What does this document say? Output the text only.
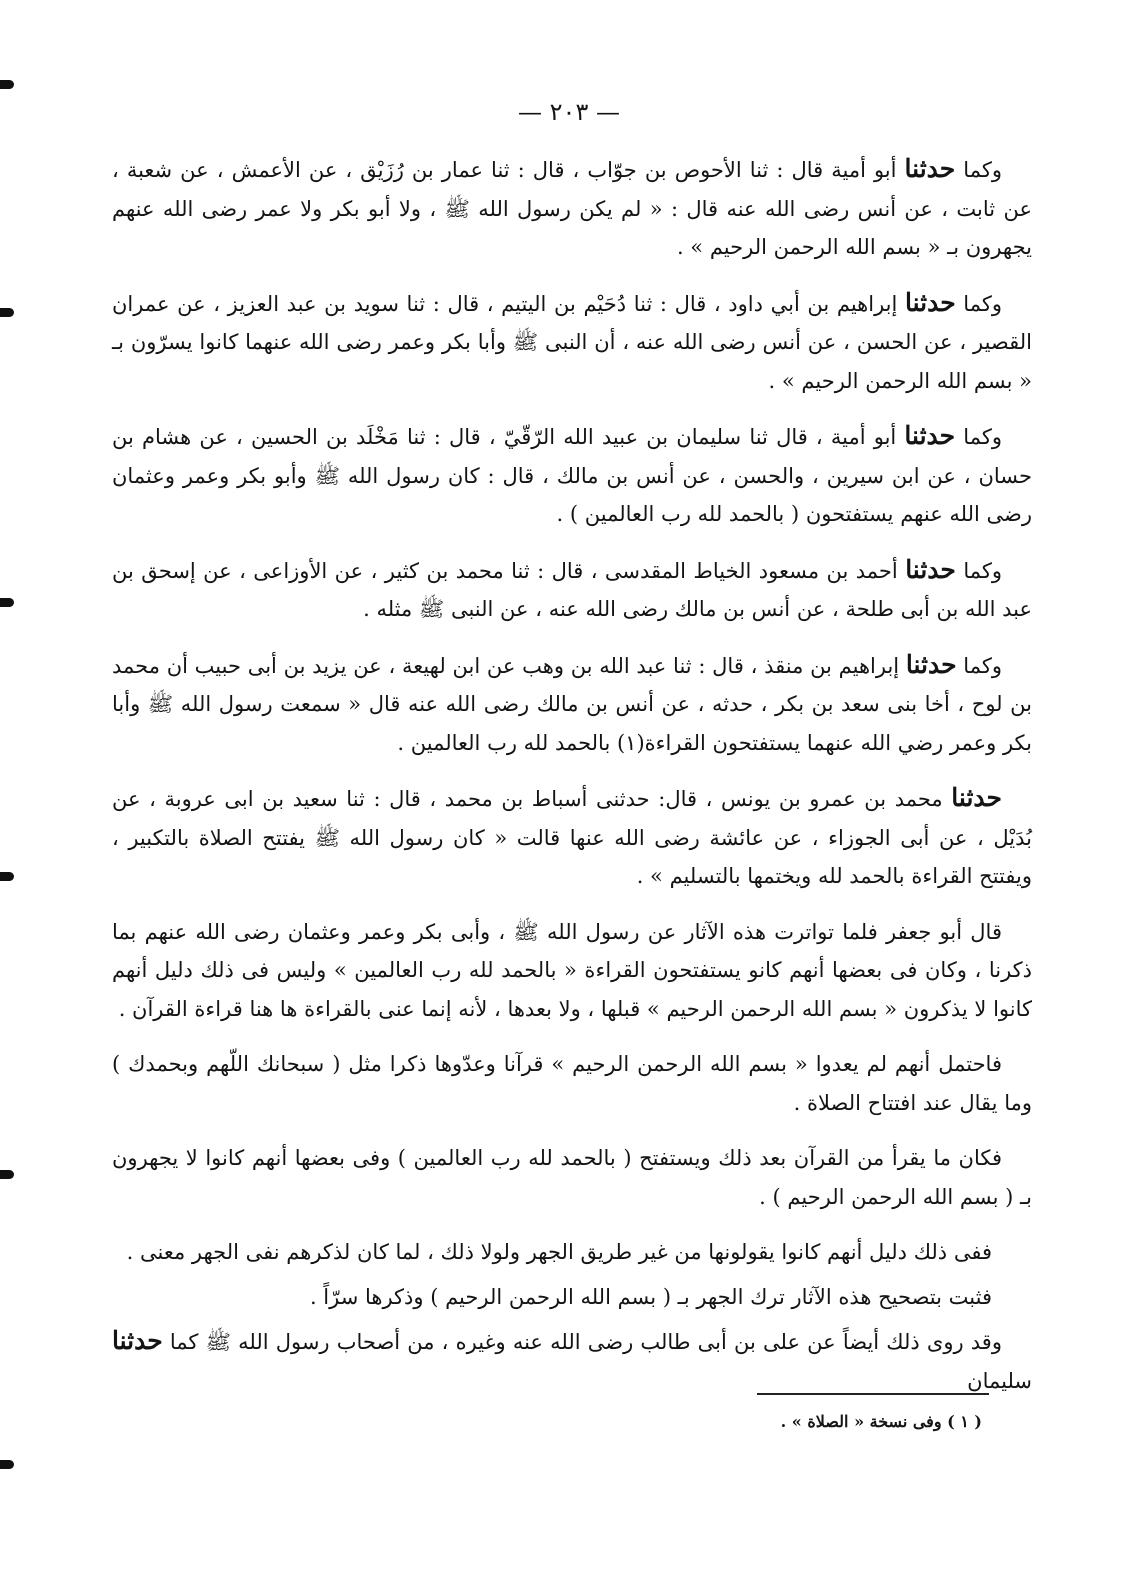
— ٢٠٣ —

وكما حدثنا أبو أمية قال : ثنا الأحوص بن جوّاب ، قال : ثنا عمار بن رُزَيْق ، عن الأعمش ، عن شعبة ، عن ثابت ، عن أنس رضى الله عنه قال : « لم يكن رسول الله ﷺ ، ولا أبو بكر ولا عمر رضى الله عنهم يجهرون بـ « بسم الله الرحمن الرحيم » .

وكما حدثنا إبراهيم بن أبي داود ، قال : ثنا دُحَيْم بن اليتيم ، قال : ثنا سويد بن عبد العزيز ، عن عمران القصير ، عن الحسن ، عن أنس رضى الله عنه ، أن النبى ﷺ وأبا بكر وعمر رضى الله عنهما كانوا يسرّون بـ « بسم الله الرحمن الرحيم » .

وكما حدثنا أبو أمية ، قال ثنا سليمان بن عبيد الله الرّقّيّ ، قال : ثنا مَخْلَد بن الحسين ، عن هشام بن حسان ، عن ابن سيرين ، والحسن ، عن أنس بن مالك ، قال : كان رسول الله ﷺ وأبو بكر وعمر وعثمان رضى الله عنهم يستفتحون ( بالحمد لله رب العالمين ) .

وكما حدثنا أحمد بن مسعود الخياط المقدسى ، قال : ثنا محمد بن كثير ، عن الأوزاعى ، عن إسحق بن عبد الله بن أبى طلحة ، عن أنس بن مالك رضى الله عنه ، عن النبى ﷺ مثله .

وكما حدثنا إبراهيم بن منقذ ، قال : ثنا عبد الله بن وهب عن ابن لهيعة ، عن يزيد بن أبى حبيب أن محمد بن لوح ، أخا بنى سعد بن بكر ، حدثه ، عن أنس بن مالك رضى الله عنه قال « سمعت رسول الله ﷺ وأبا بكر وعمر رضي الله عنهما يستفتحون القراءة(١) بالحمد لله رب العالمين .

حدثنا محمد بن عمرو بن يونس ، قال: حدثنى أسباط بن محمد ، قال : ثنا سعيد بن ابى عروبة ، عن بُدَيْل ، عن أبى الجوزاء ، عن عائشة رضى الله عنها قالت « كان رسول الله ﷺ يفتتح الصلاة بالتكبير ، ويفتتح القراءة بالحمد لله ويختمها بالتسليم » .

قال أبو جعفر فلما تواترت هذه الآثار عن رسول الله ﷺ ، وأبى بكر وعمر وعثمان رضى الله عنهم بما ذكرنا ، وكان فى بعضها أنهم كانو يستفتحون القراءة « بالحمد لله رب العالمين » وليس فى ذلك دليل أنهم كانوا لا يذكرون « بسم الله الرحمن الرحيم » قبلها ، ولا بعدها ، لأنه إنما عنى بالقراءة ها هنا قراءة القرآن .

فاحتمل أنهم لم يعدوا « بسم الله الرحمن الرحيم » قرآنا وعدّوها ذكرا مثل ( سبحانك اللّهم وبحمدك ) وما يقال عند افتتاح الصلاة .

فكان ما يقرأ من القرآن بعد ذلك ويستفتح ( بالحمد لله رب العالمين ) وفى بعضها أنهم كانوا لا يجهرون بـ ( بسم الله الرحمن الرحيم ) .

ففى ذلك دليل أنهم كانوا يقولونها من غير طريق الجهر ولولا ذلك ، لما كان لذكرهم نفى الجهر معنى .

فثبت بتصحيح هذه الآثار ترك الجهر بـ ( بسم الله الرحمن الرحيم ) وذكرها سرّاً .

وقد روى ذلك أيضاً عن على بن أبى طالب رضى الله عنه وغيره ، من أصحاب رسول الله ﷺ كما حدثنا سليمان

( ١ ) وفى نسخة « الصلاة » .
